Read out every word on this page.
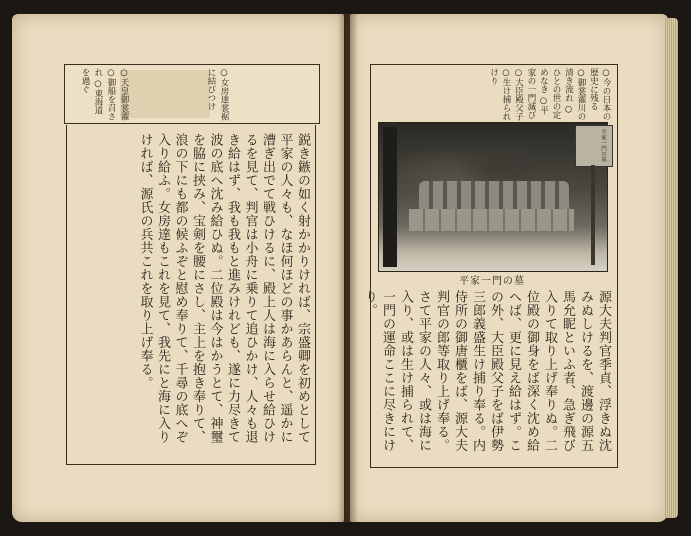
○天皇御裳濯 ○御船を召され ○東海道を過ぐ	○女房達裳裾に結びつけ
鋭き鏃の如く射かかりければ、宗盛卿を初めとして平家の人々も、なほ何ほどの事かあらんと、遥かに漕ぎ出でて戦ひけるに、殿上人は海に入らせ給ひけるを見て、判官は小舟に乗りて追ひかけ、人々も退き給はず、我も我もと進みけれども、遂に力尽きて波の底へ沈み給ひぬ。二位殿は今はかうとて、神璽を脇に挟み、宝剣を腰にさし、主上を抱き奉りて、浪の下にも都の候ふぞと慰め奉りて、千尋の底へぞ入り給ふ。女房達もこれを見て、我先にと海に入りければ、源氏の兵共これを取り上げ奉る。
○今の日本の歴史に残る ○御裳濯川の清き流れ ○ひとの世の定めなき ○平家の一門滅び ○大臣殿父子 ○生け捕られけり
平家一門の墓
墓の門一家平
源大夫判官季貞、浮きぬ沈みぬしけるを、渡邊の源五馬允眤といふ者、急ぎ飛び入りて取り上げ奉りぬ。二位殿の御身をば深く沈め給へば、更に見え給はず。この外、大臣殿父子をば伊勢三郎義盛生け捕り奉る。内侍所の御唐櫃をば、源大夫判官の郎等取り上げ奉る。さて平家の人々、或は海に入り、或は生け捕られて、一門の運命ここに尽きにけり。
